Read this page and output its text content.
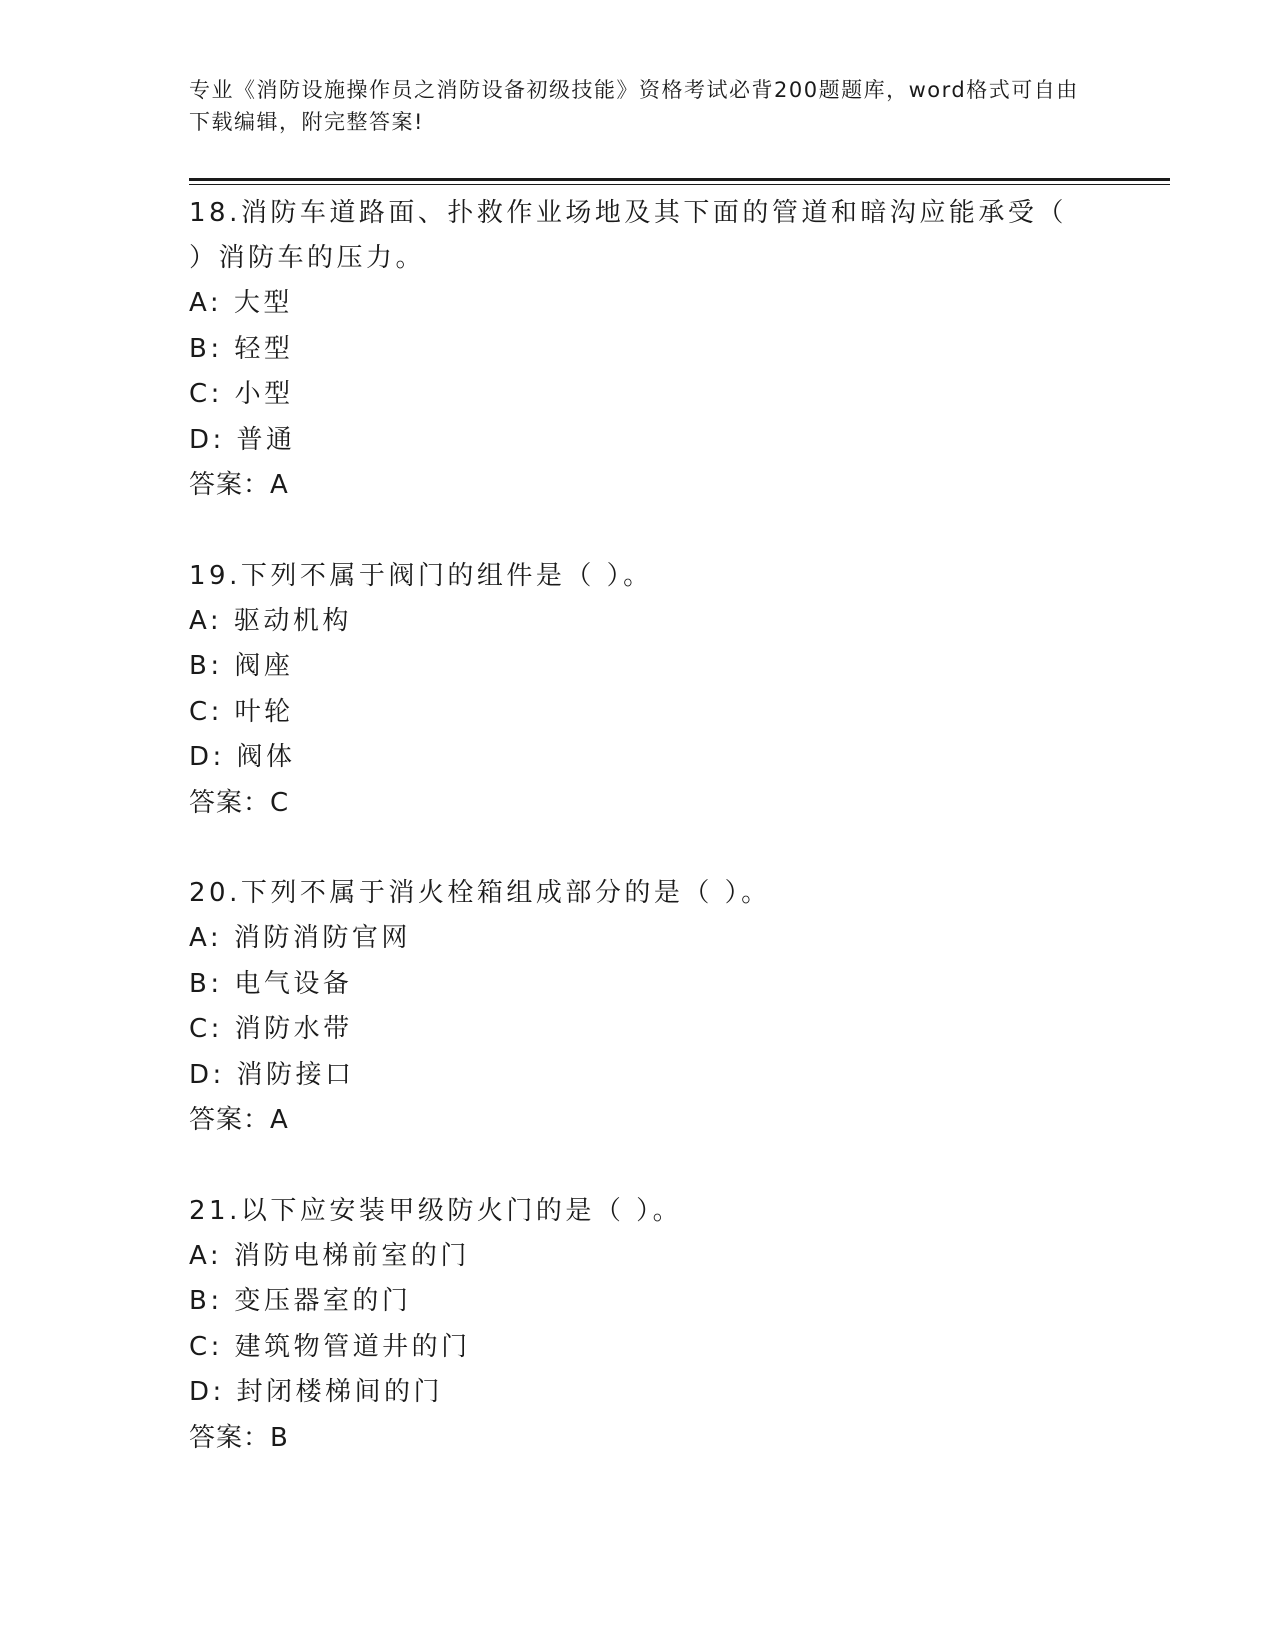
专业《消防设施操作员之消防设备初级技能》资格考试必背200题题库，word格式可自由下载编辑，附完整答案!
18.消防车道路面、扑救作业场地及其下面的管道和暗沟应能承受（ ）消防车的压力。
A: 大型
B: 轻型
C: 小型
D: 普通
答案：A
19.下列不属于阀门的组件是（ ）。
A: 驱动机构
B: 阀座
C: 叶轮
D: 阀体
答案：C
20.下列不属于消火栓箱组成部分的是（ ）。
A: 消防消防官网
B: 电气设备
C: 消防水带
D: 消防接口
答案：A
21.以下应安装甲级防火门的是（ ）。
A: 消防电梯前室的门
B: 变压器室的门
C: 建筑物管道井的门
D: 封闭楼梯间的门
答案：B
